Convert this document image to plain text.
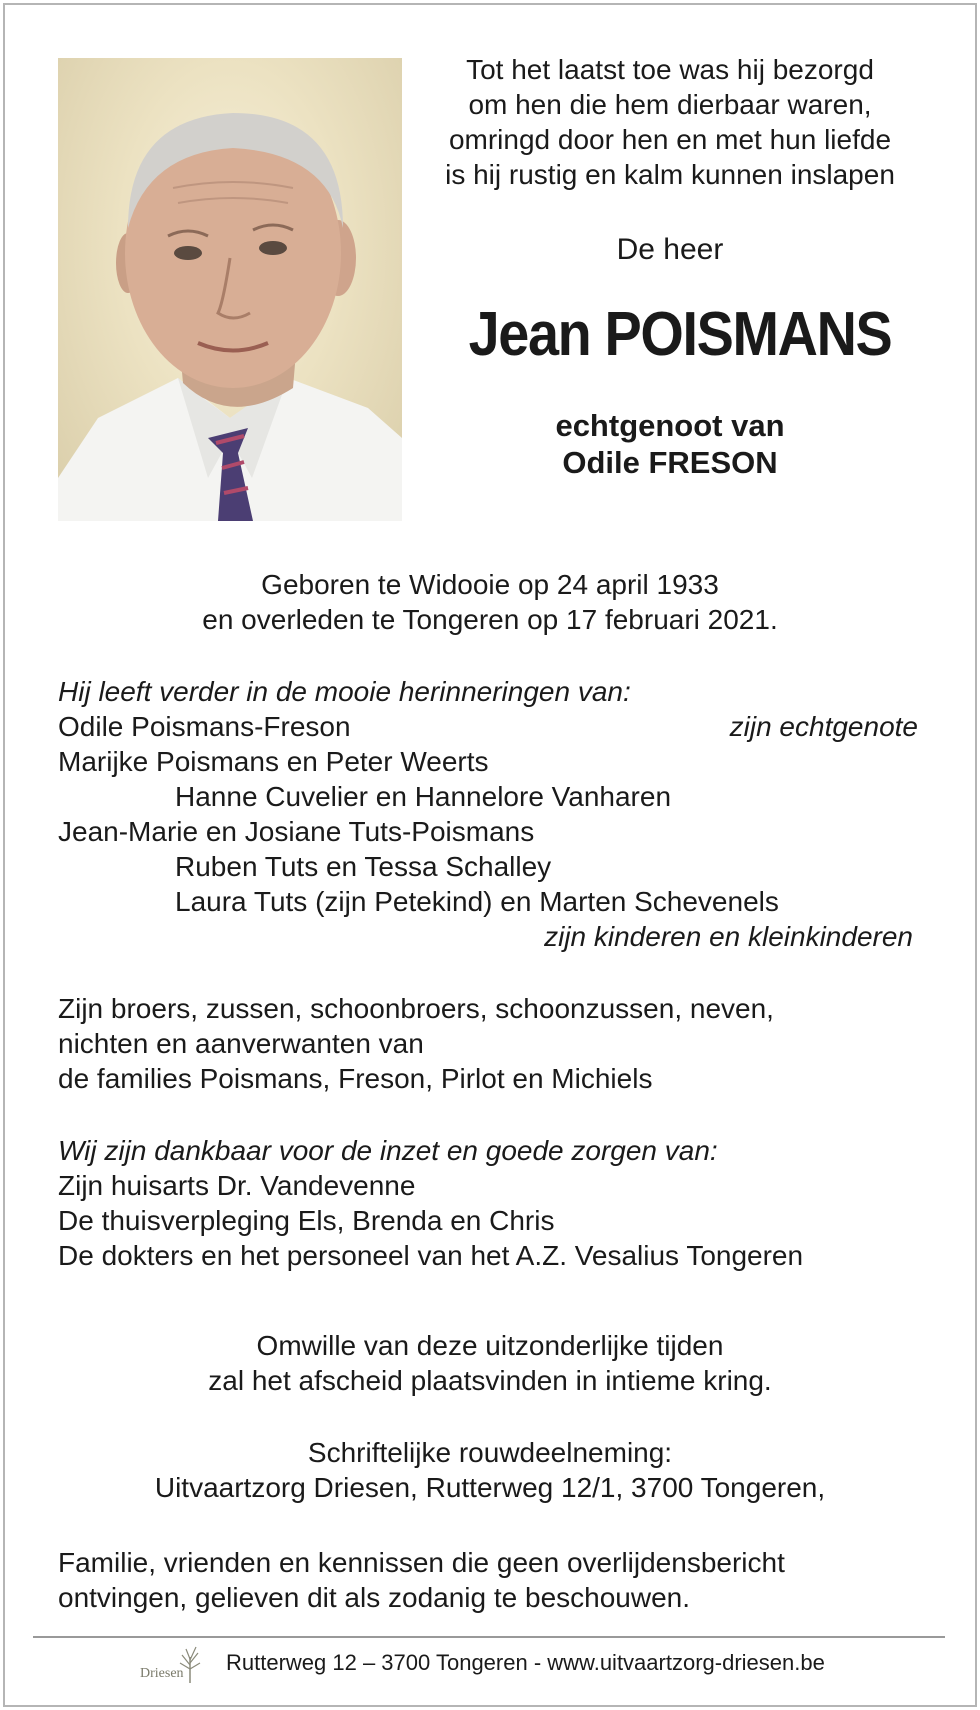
Tot het laatst toe was hij bezorgd
om hen die hem dierbaar waren,
omringd door hen en met hun liefde
is hij rustig en kalm kunnen inslapen
De heer
Jean POISMANS
echtgenoot van
Odile FRESON
Geboren te Widooie op 24 april 1933
en overleden te Tongeren op 17 februari 2021.
Hij leeft verder in de mooie herinneringen van:
Odile Poismans-Freson	zijn echtgenote
Marijke Poismans en Peter Weerts
Hanne Cuvelier en Hannelore Vanharen
Jean-Marie en Josiane Tuts-Poismans
Ruben Tuts en Tessa Schalley
Laura Tuts (zijn Petekind) en Marten Schevenels
zijn kinderen en kleinkinderen
Zijn broers, zussen, schoonbroers, schoonzussen, neven,
nichten en aanverwanten van
de families Poismans, Freson, Pirlot en Michiels
Wij zijn dankbaar voor de inzet en goede zorgen van:
Zijn huisarts Dr. Vandevenne
De thuisverpleging Els, Brenda en Chris
De dokters en het personeel van het A.Z. Vesalius Tongeren
Omwille van deze uitzonderlijke tijden
zal het afscheid plaatsvinden in intieme kring.
Schriftelijke rouwdeelneming:
Uitvaartzorg Driesen, Rutterweg 12/1, 3700 Tongeren,
Familie, vrienden en kennissen die geen overlijdensbericht
ontvingen, gelieven dit als zodanig te beschouwen.
Driesen Rutterweg 12 – 3700 Tongeren - www.uitvaartzorg-driesen.be
